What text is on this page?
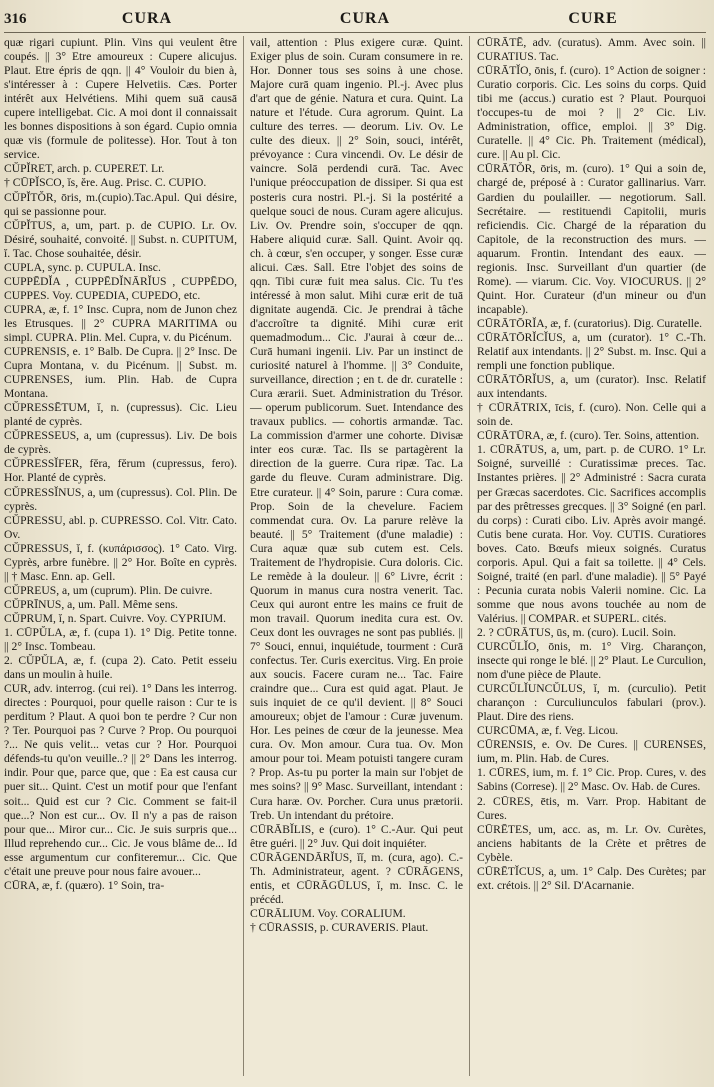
316	CURA	CURA	CURE

quæ rigari cupiunt. Plin. Vins qui veulent être coupés. || 3° Etre amoureux : Cupere alicujus. Plaut. Etre épris de qqn. || 4° Vouloir du bien à, s'intéresser à : Cupere Helvetiis. Cæs. Porter intérêt aux Helvétiens. Mihi quem suā causā cupere intelligebat. Cic. A moi dont il connaissait les bonnes dispositions à son égard. Cupio omnia quæ vis (formule de politesse). Hor. Tout à ton service.

CŬPĬRET, arch. p. CUPERET. Lr.

† CŪPĬSCO, ĭs, ĕre. Aug. Prisc. C. CUPIO.

CŬPĬTŎR, ōris, m.(cupio).Tac.Apul. Qui désire, qui se passionne pour.

CŬPĬTUS, a, um, part. p. de CUPIO. Lr. Ov. Désiré, souhaité, convoité. || Subst. n. CUPITUM, ĭ. Tac. Chose souhaitée, désir.

CUPLA, sync. p. CUPULA. Insc.

CUPPĒDĬA , CUPPĒDĬNĀRĬUS , CUPPĒDO, CUPPES. Voy. CUPEDIA, CUPEDO, etc.

CUPRA, æ, f. 1° Insc. Cupra, nom de Junon chez les Etrusques. || 2° CUPRA MARITIMA ou simpl. CUPRA. Plin. Mel. Cupra, v. du Picénum.

CUPRENSIS, e. 1° Balb. De Cupra. || 2° Insc. De Cupra Montana, v. du Picénum. || Subst. m. CUPRENSES, ium. Plin. Hab. de Cupra Montana.

CŬPRESSĒTUM, ĭ, n. (cupressus). Cic. Lieu planté de cyprès.

CŬPRESSEUS, a, um (cupressus). Liv. De bois de cyprès.

CŬPRESSĬFER, fĕra, fĕrum (cupressus, fero). Hor. Planté de cyprès.

CŬPRESSĬNUS, a, um (cupressus). Col. Plin. De cyprès.

CŬPRESSU, abl. p. CUPRESSO. Col. Vitr. Cato. Ov.

CŬPRESSUS, ĭ, f. (κυπάρισσος). 1° Cato. Virg. Cyprès, arbre funèbre. || 2° Hor. Boîte en cyprès. || † Masc. Enn. ap. Gell.

CŬPREUS, a, um (cuprum). Plin. De cuivre.

CŬPRĪNUS, a, um. Pall. Même sens.

CŬPRUM, ĭ, n. Spart. Cuivre. Voy. CYPRIUM.

1. CŪPŬLA, æ, f. (cupa 1). 1° Dig. Petite tonne. || 2° Insc. Tombeau.

2. CŬPŬLA, æ, f. (cupa 2). Cato. Petit esseiu dans un moulin à huile.

CUR, adv. interrog. (cui rei). 1° Dans les interrog. directes : Pourquoi, pour quelle raison : Cur te is perditum ? Plaut. A quoi bon te perdre ? Cur non ? Ter. Pourquoi pas ? Curve ? Prop. Ou pourquoi ?... Ne quis velit... vetas cur ? Hor. Pourquoi défends-tu qu'on veuille..? || 2° Dans les interrog. indir. Pour que, parce que, que : Ea est causa cur puer sit... Quint. C'est un motif pour que l'enfant soit... Quid est cur ? Cic. Comment se fait-il que...? Non est cur... Ov. Il n'y a pas de raison pour que... Miror cur... Cic. Je suis surpris que... Illud reprehendo cur... Cic. Je vous blâme de... Id esse argumentum cur confiteremur... Cic. Que c'était une preuve pour nous faire avouer...

CŪRA, æ, f. (quæro). 1° Soin, tra-

vail, attention : Plus exigere curæ. Quint. Exiger plus de soin. Curam consumere in re. Hor. Donner tous ses soins à une chose. Majore curā quam ingenio. Pl.-j. Avec plus d'art que de génie. Natura et cura. Quint. La nature et l'étude. Cura agrorum. Quint. La culture des terres. — deorum. Liv. Ov. Le culte des dieux. || 2° Soin, souci, intérêt, prévoyance : Cura vincendi. Ov. Le désir de vaincre. Solā perdendi curā. Tac. Avec l'unique préoccupation de dissiper. Si qua est posteris cura nostri. Pl.-j. Si la postérité a quelque souci de nous. Curam agere alicujus. Liv. Ov. Prendre soin, s'occuper de qqn. Habere aliquid curæ. Sall. Quint. Avoir qq. ch. à cœur, s'en occuper, y songer. Esse curæ alicui. Cæs. Sall. Etre l'objet des soins de qqn. Tibi curæ fuit mea salus. Cic. Tu t'es intéressé à mon salut. Mihi curæ erit de tuā dignitate augendā. Cic. Je prendrai à tâche d'accroître ta dignité. Mihi curæ erit quemadmodum... Cic. J'aurai à cœur de... Curā humani ingenii. Liv. Par un instinct de curiosité naturel à l'homme. || 3° Conduite, surveillance, direction ; en t. de dr. curatelle : Cura ærarii. Suet. Administration du Trésor. — operum publicorum. Suet. Intendance des travaux publics. — cohortis armandæ. Tac. La commission d'armer une cohorte. Divisæ inter eos curæ. Tac. Ils se partagèrent la direction de la guerre. Cura ripæ. Tac. La garde du fleuve. Curam administrare. Dig. Etre curateur. || 4° Soin, parure : Cura comæ. Prop. Soin de la chevelure. Faciem commendat cura. Ov. La parure relève la beauté. || 5° Traitement (d'une maladie) : Cura aquæ quæ sub cutem est. Cels. Traitement de l'hydropisie. Cura doloris. Cic. Le remède à la douleur. || 6° Livre, écrit : Quorum in manus cura nostra venerit. Tac. Ceux qui auront entre les mains ce fruit de mon travail. Quorum inedita cura est. Ov. Ceux dont les ouvrages ne sont pas publiés. || 7° Souci, ennui, inquiétude, tourment : Curā confectus. Ter. Curis exercitus. Virg. En proie aux soucis. Facere curam ne... Tac. Faire craindre que... Cura est quid agat. Plaut. Je suis inquiet de ce qu'il devient. || 8° Souci amoureux; objet de l'amour : Curæ juvenum. Hor. Les peines de cœur de la jeunesse. Mea cura. Ov. Mon amour. Cura tua. Ov. Mon amour pour toi. Meam potuisti tangere curam ? Prop. As-tu pu porter la main sur l'objet de mes soins? || 9° Masc. Surveillant, intendant : Cura haræ. Ov. Porcher. Cura unus prætorii. Treb. Un intendant du prétoire.

CŪRĀBĬLIS, e (curo). 1° C.-Aur. Qui peut être guéri. || 2° Juv. Qui doit inquiéter.

CŪRĀGENDĀRĬUS, ĭĭ, m. (cura, ago). C.-Th. Administrateur, agent. ? CŪRĀGENS, entis, et CŪRĀGŪLUS, ĭ, m. Insc. C. le précéd.

CŪRĀLIUM. Voy. CORALIUM.

† CŪRASSIS, p. CURAVERIS. Plaut.

CŪRĀTĒ, adv. (curatus). Amm. Avec soin. || CURATIUS. Tac.

CŪRĀTĬO, ōnis, f. (curo). 1° Action de soigner : Curatio corporis. Cic. Les soins du corps. Quid tibi me (accus.) curatio est ? Plaut. Pourquoi t'occupes-tu de moi ? || 2° Cic. Liv. Administration, office, emploi. || 3° Dig. Curatelle. || 4° Cic. Ph. Traitement (médical), cure. || Au pl. Cic.

CŪRĀTŎR, ōris, m. (curo). 1° Qui a soin de, chargé de, préposé à : Curator gallinarius. Varr. Gardien du poulailler. — negotiorum. Sall. Secrétaire. — restituendi Capitolii, muris reficiendis. Cic. Chargé de la réparation du Capitole, de la reconstruction des murs. — aquarum. Frontin. Intendant des eaux. — regionis. Insc. Surveillant d'un quartier (de Rome). — viarum. Cic. Voy. VIOCURUS. || 2° Quint. Hor. Curateur (d'un mineur ou d'un incapable).

CŪRĀTŌRĬA, æ, f. (curatorius). Dig. Curatelle.

CŪRĀTŌRĬCĬUS, a, um (curator). 1° C.-Th. Relatif aux intendants. || 2° Subst. m. Insc. Qui a rempli une fonction publique.

CŪRĀTŌRĬUS, a, um (curator). Insc. Relatif aux intendants.

† CŪRĀTRIX, īcis, f. (curo). Non. Celle qui a soin de.

CŪRĀTŪRA, æ, f. (curo). Ter. Soins, attention.

1. CŪRĀTUS, a, um, part. p. de CURO. 1° Lr. Soigné, surveillé : Curatissimæ preces. Tac. Instantes prières. || 2° Administré : Sacra curata per Græcas sacerdotes. Cic. Sacrifices accomplis par des prêtresses grecques. || 3° Soigné (en parl. du corps) : Curati cibo. Liv. Après avoir mangé. Cutis bene curata. Hor. Voy. CUTIS. Curatiores boves. Cato. Bœufs mieux soignés. Curatus corporis. Apul. Qui a fait sa toilette. || 4° Cels. Soigné, traité (en parl. d'une maladie). || 5° Payé : Pecunia curata nobis Valerii nomine. Cic. La somme que nous avons touchée au nom de Valérius. || COMPAR. et SUPERL. cités.

2. ? CŪRĀTUS, ūs, m. (curo). Lucil. Soin.

CURCŬLĬO, ōnis, m. 1° Virg. Charançon, insecte qui ronge le blé. || 2° Plaut. Le Curculion, nom d'une pièce de Plaute.

CURCŬLĬUNCŬLUS, ĭ, m. (curculio). Petit charançon : Curculiunculos fabulari (prov.). Plaut. Dire des riens.

CURCŪMA, æ, f. Veg. Licou.

CŪRENSIS, e. Ov. De Cures. || CURENSES, ium, m. Plin. Hab. de Cures.

1. CŪRES, ium, m. f. 1° Cic. Prop. Cures, v. des Sabins (Correse). || 2° Masc. Ov. Hab. de Cures.

2. CŪRES, ētis, m. Varr. Prop. Habitant de Cures.

CŪRĒTES, um, acc. as, m. Lr. Ov. Curètes, anciens habitants de la Crète et prêtres de Cybèle.

CŪRĒTĬCUS, a, um. 1° Calp. Des Curètes; par ext. crétois. || 2° Sil. D'Acarnanie.
